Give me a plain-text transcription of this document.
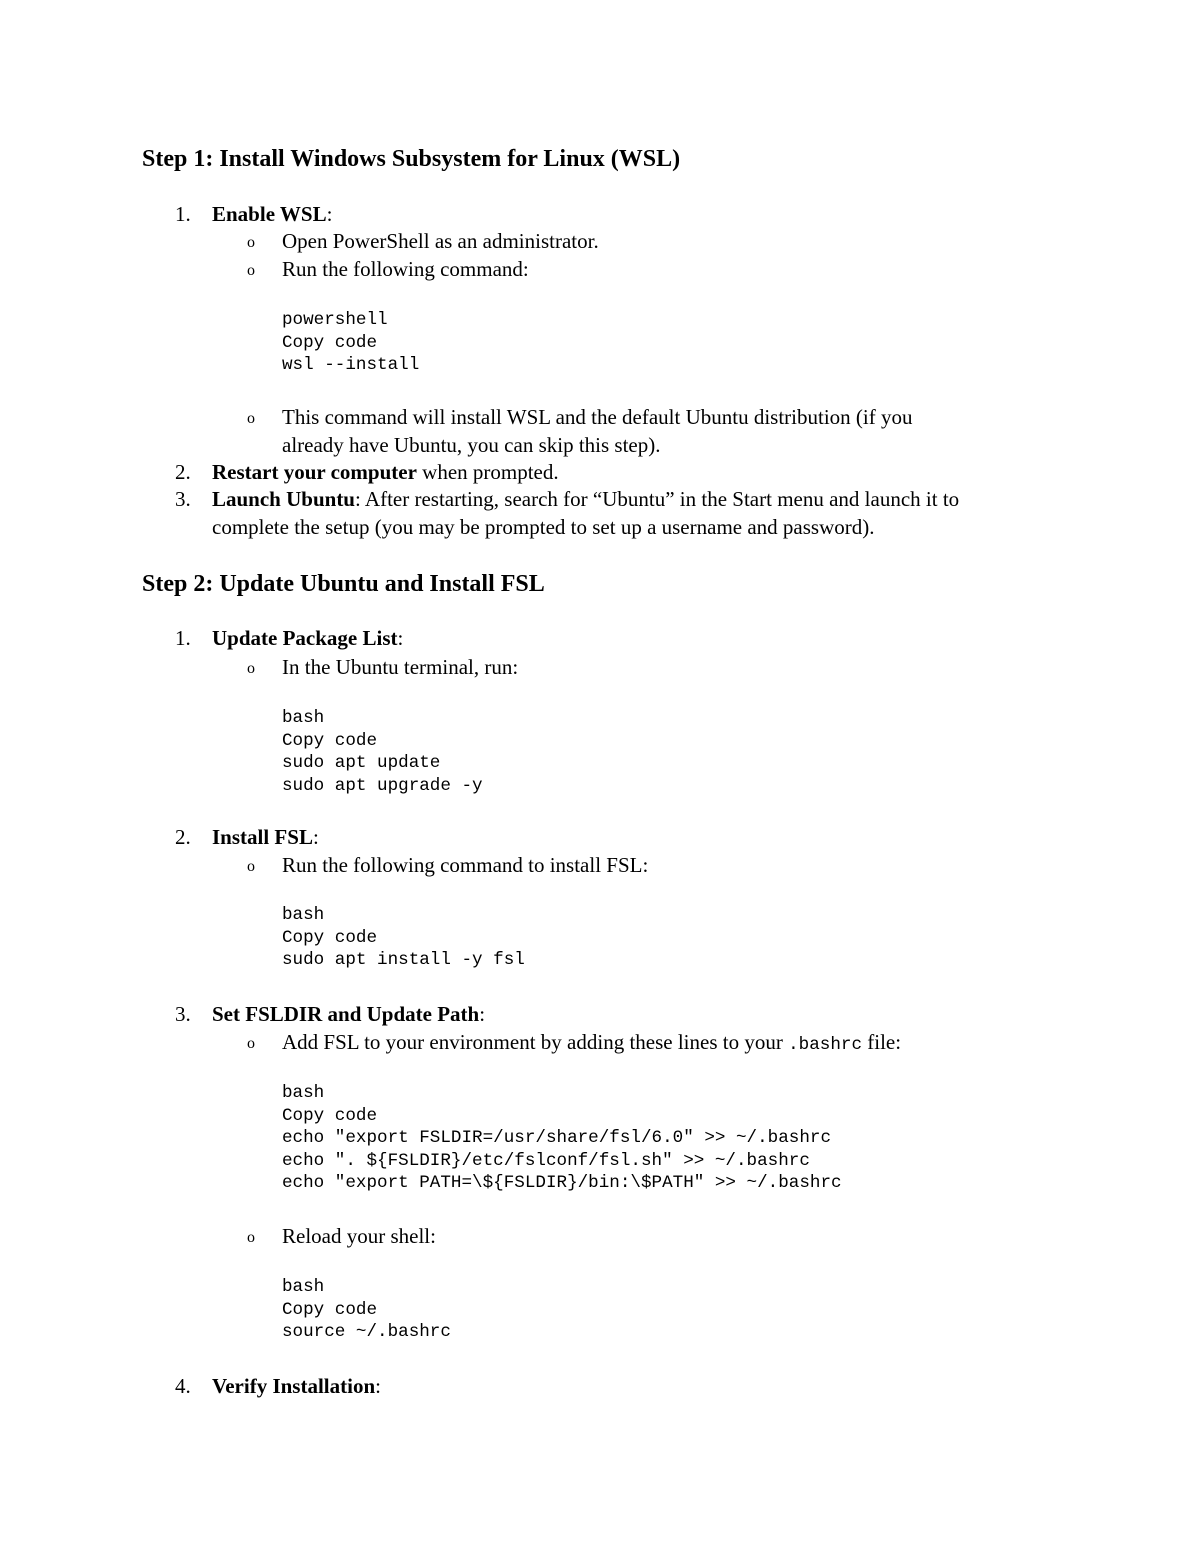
Step 1: Install Windows Subsystem for Linux (WSL)
1. Enable WSL:
o Open PowerShell as an administrator.
o Run the following command:
powershell
Copy code
wsl --install
o This command will install WSL and the default Ubuntu distribution (if you
already have Ubuntu, you can skip this step).
2. Restart your computer when prompted.
3. Launch Ubuntu: After restarting, search for “Ubuntu” in the Start menu and launch it to
complete the setup (you may be prompted to set up a username and password).
Step 2: Update Ubuntu and Install FSL
1. Update Package List:
o In the Ubuntu terminal, run:
bash
Copy code
sudo apt update
sudo apt upgrade -y
2. Install FSL:
o Run the following command to install FSL:
bash
Copy code
sudo apt install -y fsl
3. Set FSLDIR and Update Path:
o Add FSL to your environment by adding these lines to your .bashrc file:
bash
Copy code
echo "export FSLDIR=/usr/share/fsl/6.0" >> ~/.bashrc
echo ". ${FSLDIR}/etc/fslconf/fsl.sh" >> ~/.bashrc
echo "export PATH=\${FSLDIR}/bin:\$PATH" >> ~/.bashrc
o Reload your shell:
bash
Copy code
source ~/.bashrc
4. Verify Installation:
